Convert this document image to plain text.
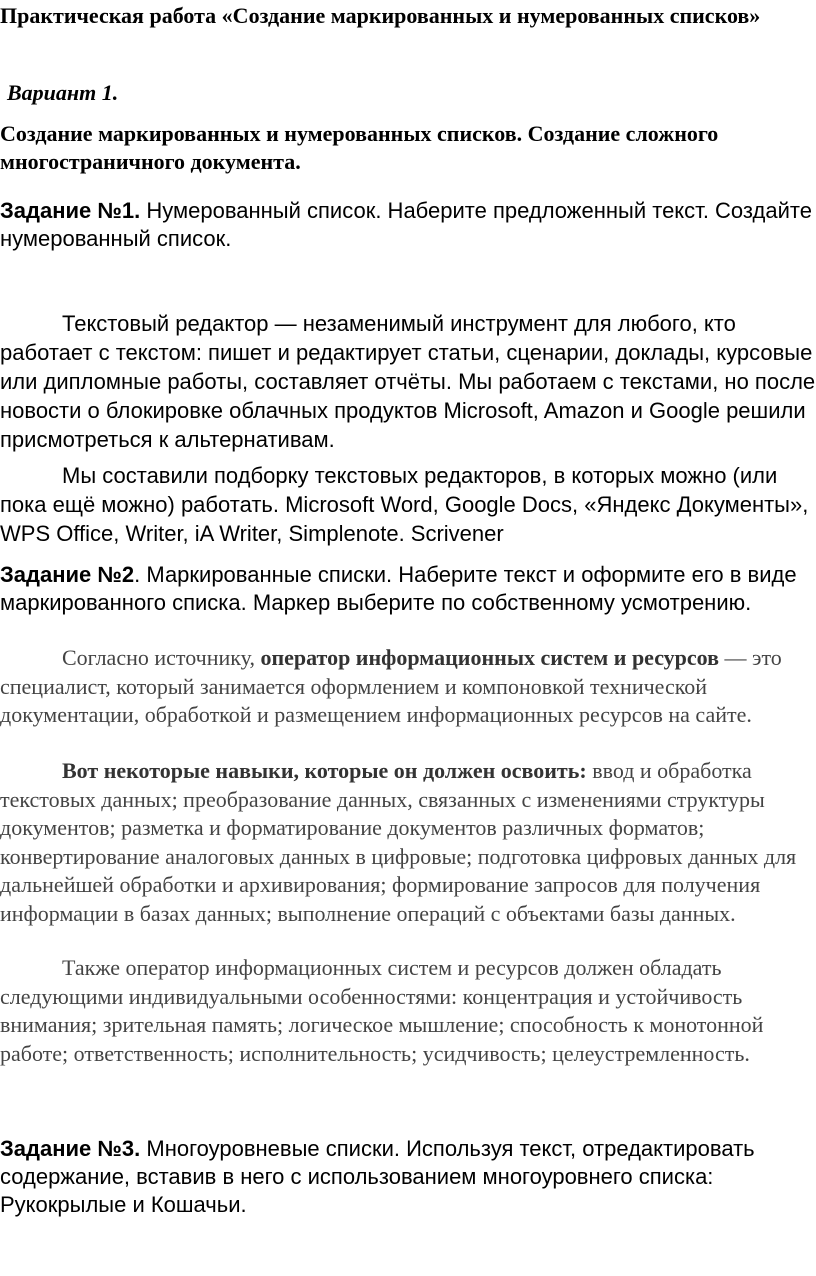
Практическая работа «Создание маркированных и нумерованных списков»

Вариант 1.

Создание маркированных и нумерованных списков. Создание сложного многостраничного документа.

Задание №1. Нумерованный список. Наберите предложенный текст. Создайте нумерованный список.

Текстовый редактор — незаменимый инструмент для любого, кто работает с текстом: пишет и редактирует статьи, сценарии, доклады, курсовые или дипломные работы, составляет отчёты. Мы работаем с текстами, но после новости о блокировке облачных продуктов Microsoft, Amazon и Google решили присмотреться к альтернативам.

Мы составили подборку текстовых редакторов, в которых можно (или пока ещё можно) работать. Microsoft Word, Google Docs, «Яндекс Документы», WPS Office, Writer, iA Writer, Simplenote. Scrivener

Задание №2. Маркированные списки. Наберите текст и оформите его в виде маркированного списка. Маркер выберите по собственному усмотрению.

Согласно источнику, оператор информационных систем и ресурсов — это специалист, который занимается оформлением и компоновкой технической документации, обработкой и размещением информационных ресурсов на сайте.

Вот некоторые навыки, которые он должен освоить: ввод и обработка текстовых данных; преобразование данных, связанных с изменениями структуры документов; разметка и форматирование документов различных форматов; конвертирование аналоговых данных в цифровые; подготовка цифровых данных для дальнейшей обработки и архивирования; формирование запросов для получения информации в базах данных; выполнение операций с объектами базы данных.

Также оператор информационных систем и ресурсов должен обладать следующими индивидуальными особенностями: концентрация и устойчивость внимания; зрительная память; логическое мышление; способность к монотонной работе; ответственность; исполнительность; усидчивость; целеустремленность.

Задание №3. Многоуровневые списки. Используя текст, отредактировать содержание, вставив в него с использованием многоуровнего списка: Рукокрылые и Кошачьи.
